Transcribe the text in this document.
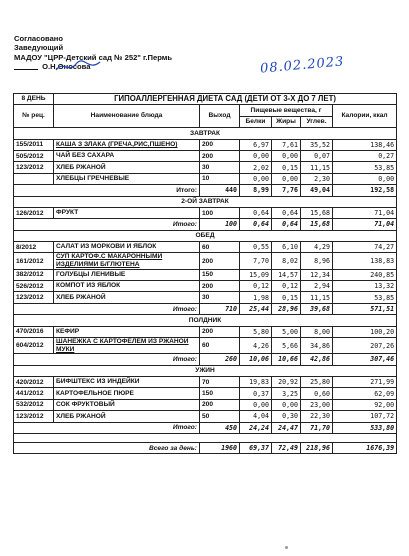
Согласовано
Заведующий
МАДОУ "ЦРР-Детский сад № 252" г.Пермь
О.Н.Оносова	08.02.2023
8 ДЕНЬ	ГИПОАЛЛЕРГЕННАЯ ДИЕТА САД (ДЕТИ ОТ 3-Х ДО 7 ЛЕТ)					
№ рец.	Наименование блюда	Выход	Пищевые вещества, г			Калории, ккал
			Белки	Жиры	Углев.	
ЗАВТРАК						
155/2011	КАША З ЗЛАКА (ГРЕЧА,РИС,ПШЕНО)	200	6,97	7,61	35,52	138,46
505/2012	ЧАЙ БЕЗ САХАРА	200	0,00	0,00	0,07	0,27
123/2012	ХЛЕБ РЖАНОЙ	30	2,02	0,15	11,15	53,85
	ХЛЕБЦЫ ГРЕЧНЕВЫЕ	10	0,00	0,00	2,30	0,00
Итого:		440	8,99	7,76	49,04	192,58
2-ОЙ ЗАВТРАК						
126/2012	ФРУКТ	100	0,64	0,64	15,68	71,04
Итого:		100	0,64	0,64	15,68	71,04
ОБЕД						
8/2012	САЛАТ ИЗ МОРКОВИ И ЯБЛОК	60	0,55	6,10	4,29	74,27
161/2012	СУП КАРТОФ.С МАКАРОННЫМИ ИЗДЕЛИЯМИ Б/ГЛЮТЕНА	200	7,70	8,02	8,96	138,83
382/2012	ГОЛУБЦЫ ЛЕНИВЫЕ	150	15,09	14,57	12,34	240,85
526/2012	КОМПОТ ИЗ ЯБЛОК	200	0,12	0,12	2,94	13,32
123/2012	ХЛЕБ РЖАНОЙ	30	1,98	0,15	11,15	53,85
Итого:		710	25,44	28,96	39,68	571,51
ПОЛДНИК						
470/2016	КЕФИР	200	5,80	5,00	8,00	100,20
604/2012	ШАНЕЖКА С КАРТОФЕЛЕМ ИЗ РЖАНОЙ МУКИ	60	4,26	5,66	34,86	207,26
Итого:		260	10,06	10,66	42,86	307,46
УЖИН						
420/2012	БИФШТЕКС ИЗ ИНДЕЙКИ	70	19,83	20,92	25,80	271,99
441/2012	КАРТОФЕЛЬНОЕ ПЮРЕ	150	0,37	3,25	0,60	62,09
532/2012	СОК ФРУКТОВЫЙ	200	0,00	0,00	23,00	92,00
123/2012	ХЛЕБ РЖАНОЙ	50	4,04	0,30	22,30	107,72
Итого:		450	24,24	24,47	71,70	533,80

Всего за день:		1960	69,37	72,49	218,96	1676,39
